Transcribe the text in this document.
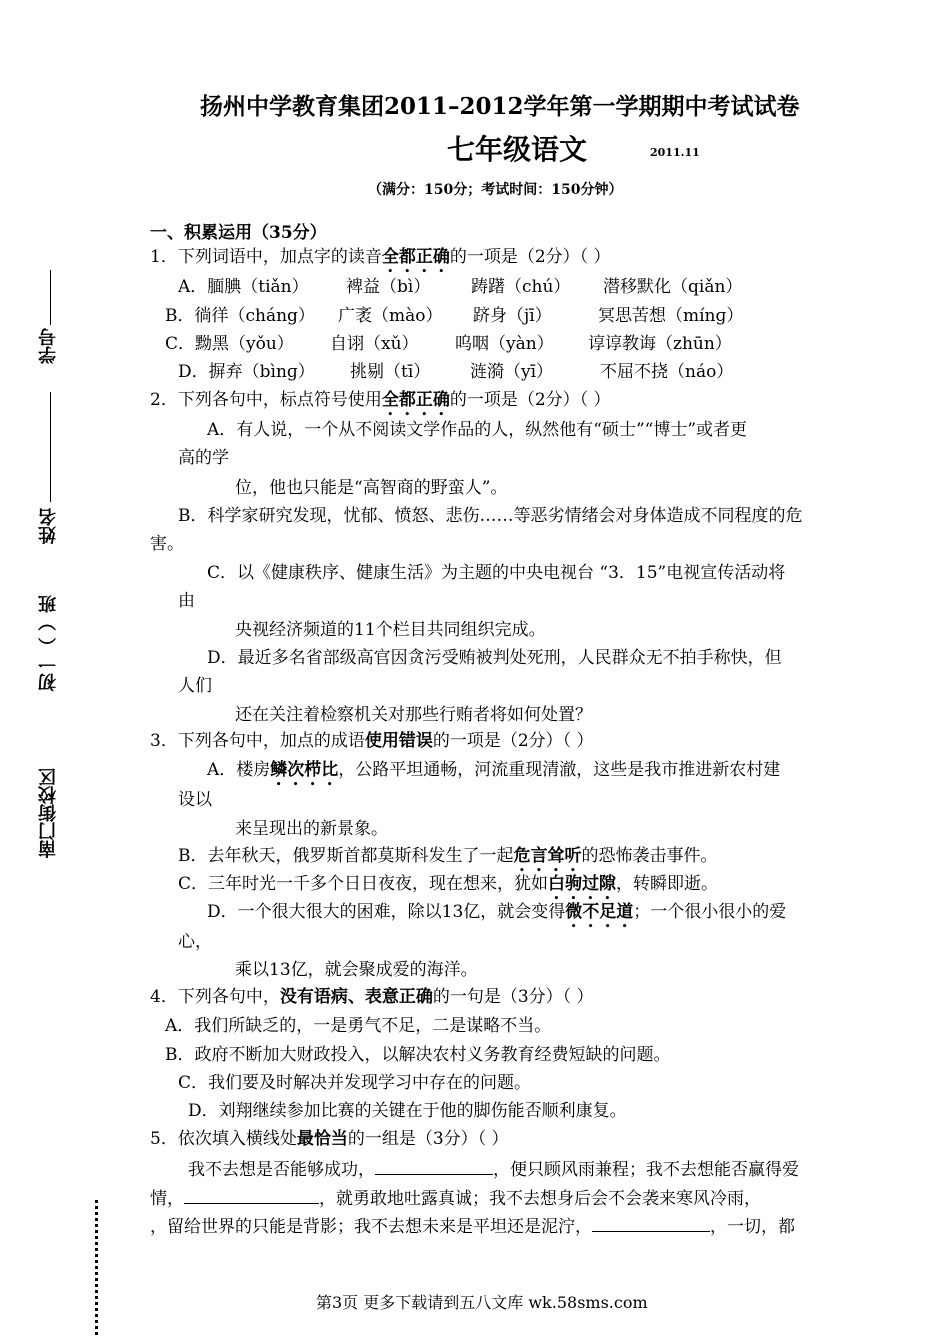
学号
姓名
初一（ ）班
南门街校区
扬州中学教育集团2011–2012学年第一学期期中考试试卷
七年级语文	2011.11
（满分：150分；考试时间：150分钟）
一、积累运用（35分）
1．下列词语中，加点字的读音全都正确的一项是（2分）（ ）
A．腼腆（tiǎn） 裨益（bì） 踌躇（chú） 潜移默化（qiǎn）
B．徜徉（cháng） 广袤（mào） 跻身（jī）	冥思苦想（mínɡ）
C．黝黑（yǒu） 自诩（xǔ） 呜咽（yàn） 谆谆教诲（zhūn）
D．摒弃（bìnɡ） 挑剔（tī） 涟漪（yī）	不屈不挠（náo）
2．下列各句中，标点符号使用全都正确的一项是（2分）（ ）
A．有人说，一个从不阅读文学作品的人，纵然他有“硕士”“博士”或者更
高的学
位，他也只能是“高智商的野蛮人”。
B．科学家研究发现，忧郁、愤怒、悲伤……等恶劣情绪会对身体造成不同程度的危
害。
C．以《健康秩序、健康生活》为主题的中央电视台 “3．15”电视宣传活动将
由
央视经济频道的11个栏目共同组织完成。
D．最近多名省部级高官因贪污受贿被判处死刑，人民群众无不拍手称快，但
人们
还在关注着检察机关对那些行贿者将如何处置？
3．下列各句中，加点的成语使用错误的一项是（2分）（ ）
A．楼房鳞次栉比，公路平坦通畅，河流重现清澈，这些是我市推进新农村建
设以
来呈现出的新景象。
B．去年秋天，俄罗斯首都莫斯科发生了一起危言耸听的恐怖袭击事件。
C．三年时光一千多个日日夜夜，现在想来，犹如白驹过隙，转瞬即逝。
D．一个很大很大的困难，除以13亿，就会变得微不足道；一个很小很小的爱
心，
乘以13亿，就会聚成爱的海洋。
4．下列各句中，没有语病、表意正确的一句是（3分）（ ）
A．我们所缺乏的，一是勇气不足，二是谋略不当。
B．政府不断加大财政投入，以解决农村义务教育经费短缺的问题。
C．我们要及时解决并发现学习中存在的问题。
D．刘翔继续参加比赛的关键在于他的脚伤能否顺利康复。
5．依次填入横线处最恰当的一组是（3分）（ ）
我不去想是否能够成功，	，便只顾风雨兼程；我不去想能否赢得爱
情，	，就勇敢地吐露真诚；我不去想身后会不会袭来寒风冷雨，
，留给世界的只能是背影；我不去想未来是平坦还是泥泞，	，一切，都
第3页 更多下载请到五八文库 wk.58sms.com
